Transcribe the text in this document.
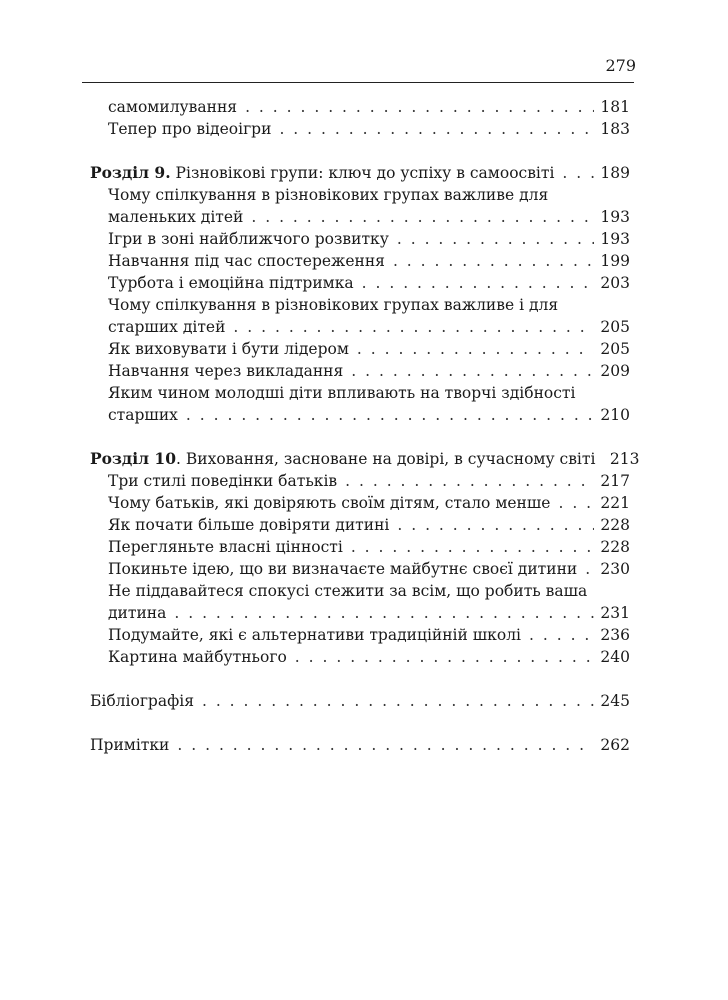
279
самомилування . . .	181
Тепер про відеоігри . . .	183
Розділ 9. Різновікові групи: ключ до успіху в самоосвіті . . .	189
Чому спілкування в різновікових групах важливе для
маленьких дітей . . .	193
Ігри в зоні найближчого розвитку . . .	193
Навчання під час спостереження . . .	199
Турбота і емоційна підтримка . . .	203
Чому спілкування в різновікових групах важливе і для
старших дітей . . .	205
Як виховувати і бути лідером . . .	205
Навчання через викладання . . .	209
Яким чином молодші діти впливають на творчі здібності
старших . . .	210
Розділ 10. Виховання, засноване на довірі, в сучасному світі 213
Три стилі поведінки батьків . . .	217
Чому батьків, які довіряють своїм дітям, стало менше . . .	221
Як почати більше довіряти дитині . . .	228
Перегляньте власні цінності . . .	228
Покиньте ідею, що ви визначаєте майбутнє своєї дитини . . . 230
Не піддавайтеся спокусі стежити за всім, що робить ваша
дитина . . .	231
Подумайте, які є альтернативи традиційній школі . . .	236
Картина майбутнього . . .	240
Бібліографія . . .	245
Примітки . . .	262
